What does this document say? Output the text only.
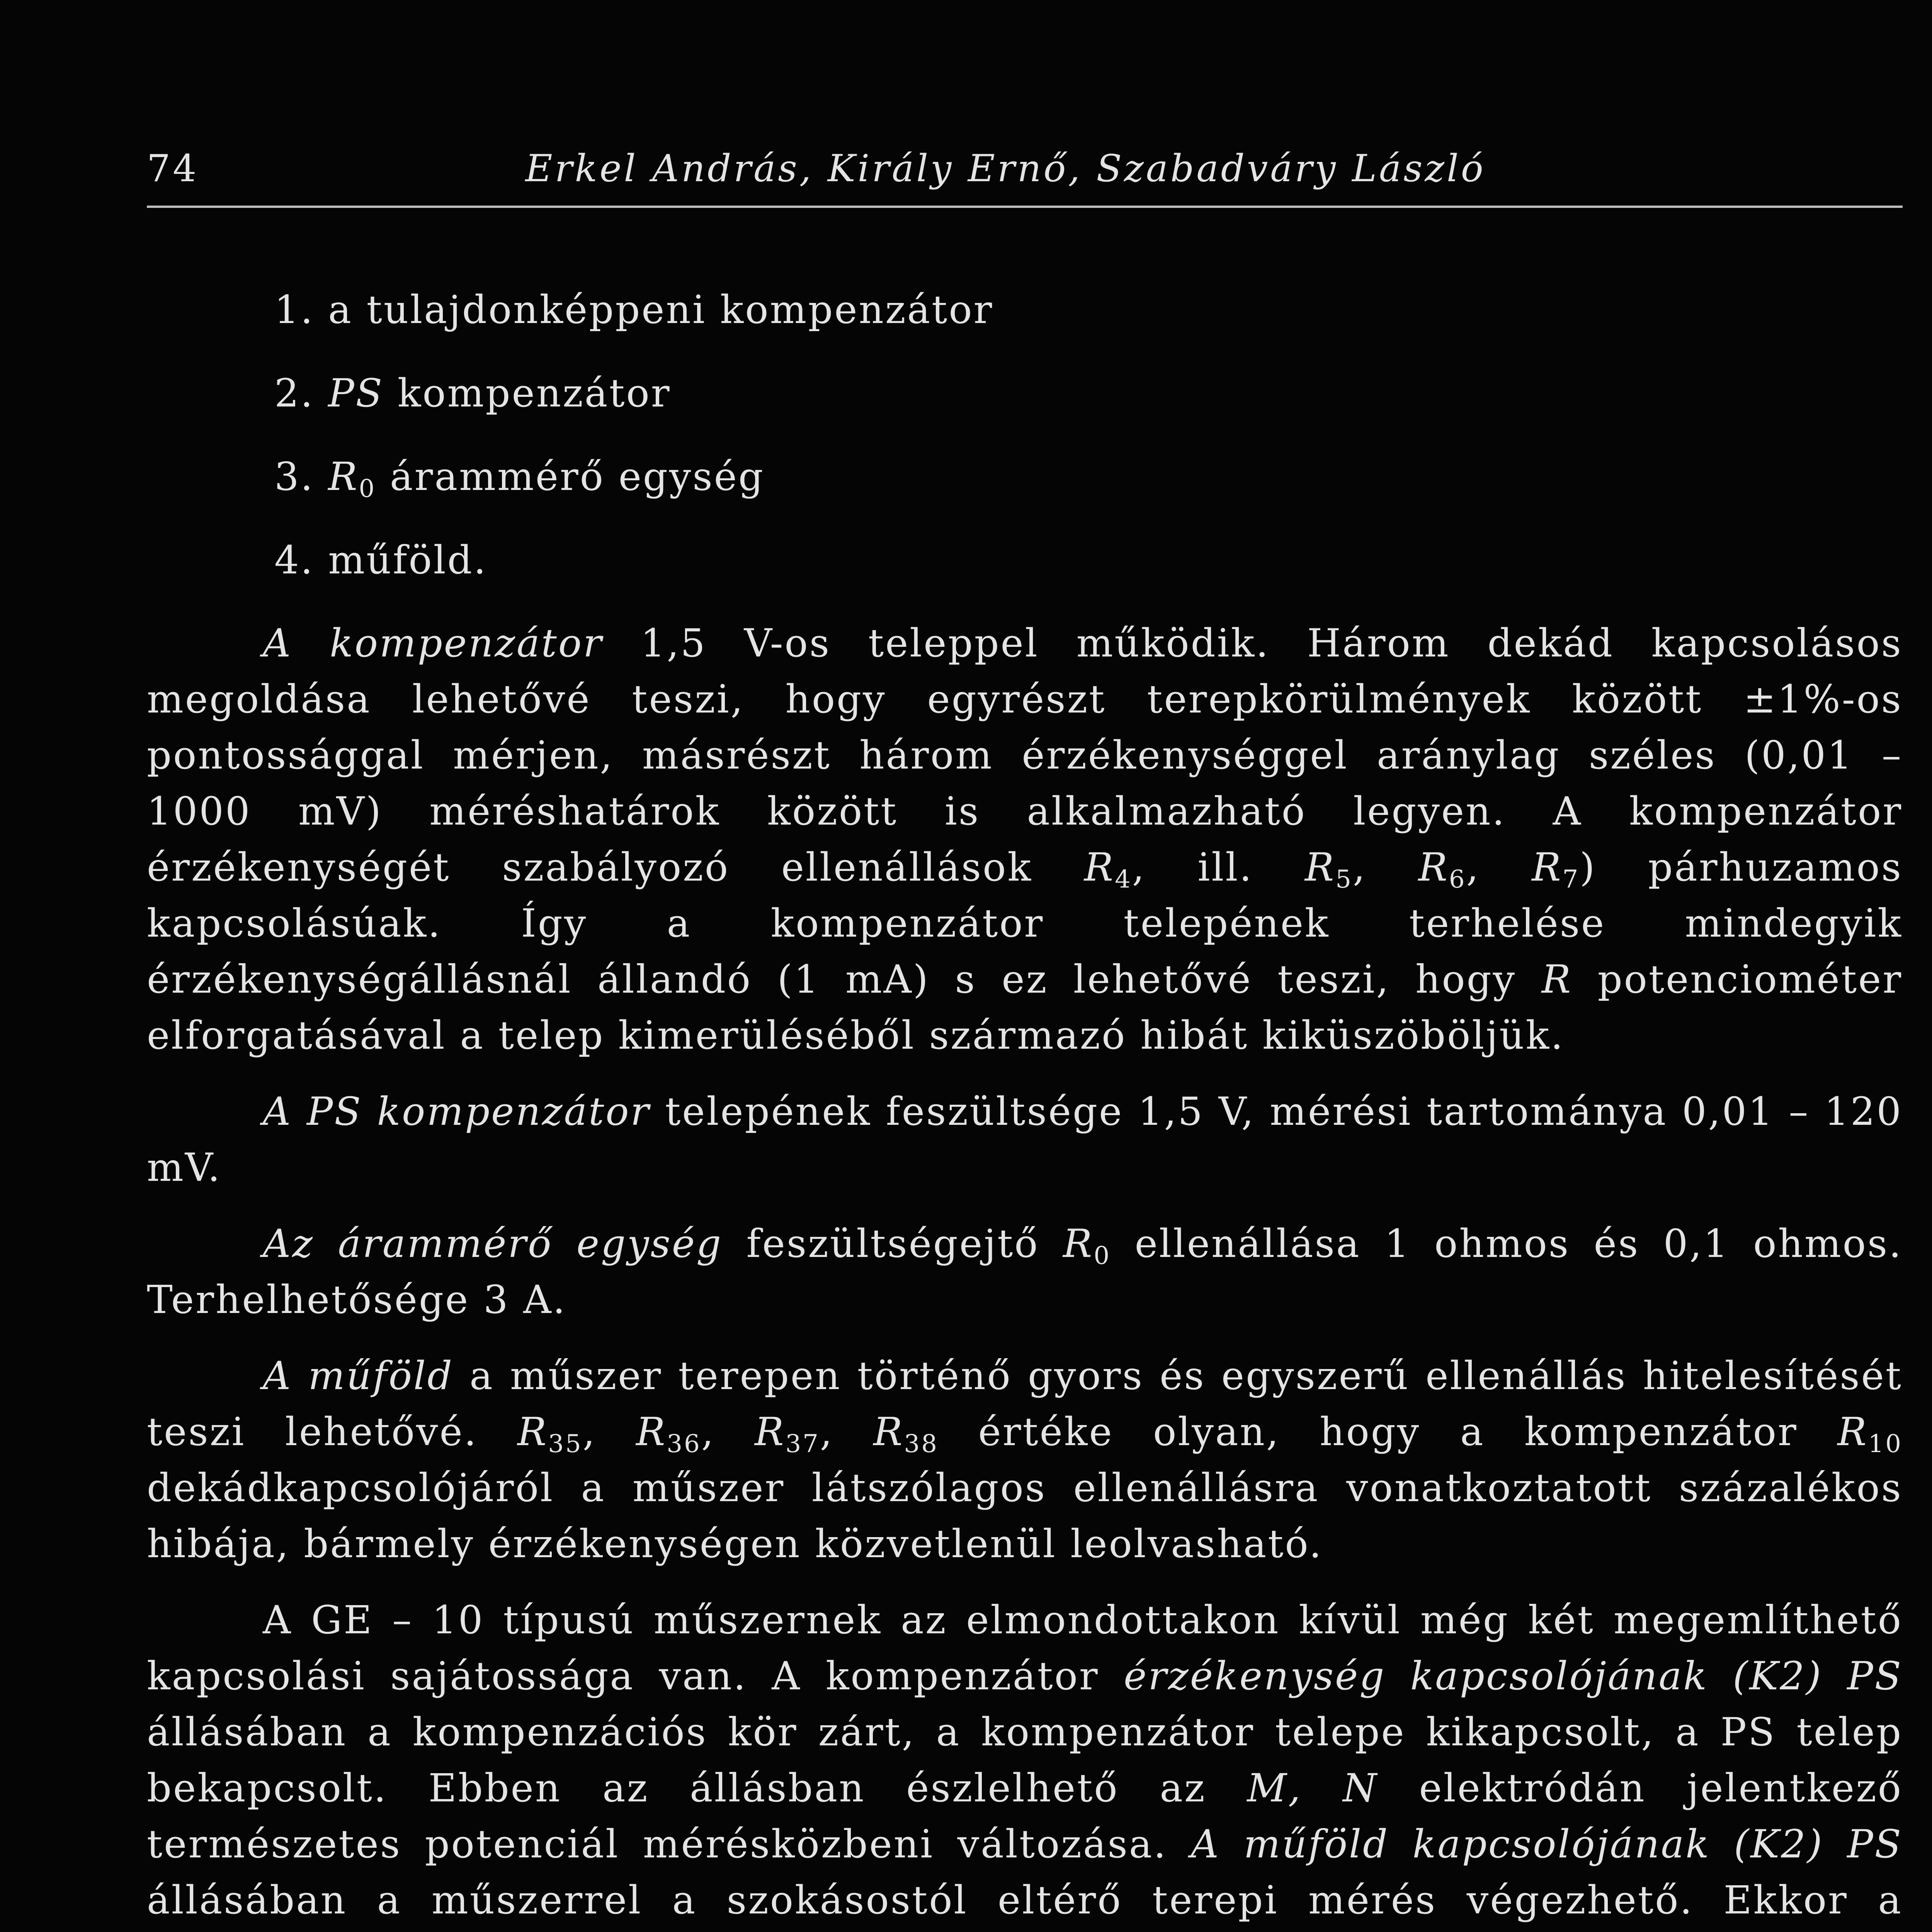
74	Erkel András, Király Ernő, Szabadváry László

1. a tulajdonképpeni kompenzátor

2. PS kompenzátor

3. $R_0$ árammérő egység

4. műföld.

A kompenzátor 1,5 V-os teleppel működik. Három dekád kapcsolásos megoldása lehetővé teszi, hogy egyrészt terepkörülmények között ±1%-os pontossággal mérjen, másrészt három érzékenységgel aránylag széles (0,01 – 1000 mV) méréshatárok között is alkalmazható legyen. A kompenzátor érzékenységét szabályozó ellenállások $R_4$, ill. $R_5$, $R_6$, $R_7$) párhuzamos kapcsolásúak. Így a kompenzátor telepének terhelése mindegyik érzékenységállásnál állandó (1 mA) s ez lehetővé teszi, hogy R potenciométer elforgatásával a telep kimerüléséből származó hibát kiküszöböljük.

A PS kompenzátor telepének feszültsége 1,5 V, mérési tartománya 0,01 – 120 mV.

Az árammérő egység feszültségejtő $R_0$ ellenállása 1 ohmos és 0,1 ohmos. Terhelhetősége 3 A.

A műföld a műszer terepen történő gyors és egyszerű ellenállás hitelesítését teszi lehetővé. $R_{35}$, $R_{36}$, $R_{37}$, $R_{38}$ értéke olyan, hogy a kompenzátor $R_{10}$ dekádkapcsolójáról a műszer látszólagos ellenállásra vonatkoztatott százalékos hibája, bármely érzékenységen közvetlenül leolvasható.

A GE – 10 típusú műszernek az elmondottakon kívül még két megemlíthető kapcsolási sajátossága van. A kompenzátor érzékenység kapcsolójának (K2) PS állásában a kompenzációs kör zárt, a kompenzátor telepe kikapcsolt, a PS telep bekapcsolt. Ebben az állásban észlelhető az M, N elektródán jelentkező természetes potenciál mérésközbeni változása. A műföld kapcsolójának (K2) PS állásában a műszerrel a szokásostól eltérő terepi mérés végezhető. Ekkor a
